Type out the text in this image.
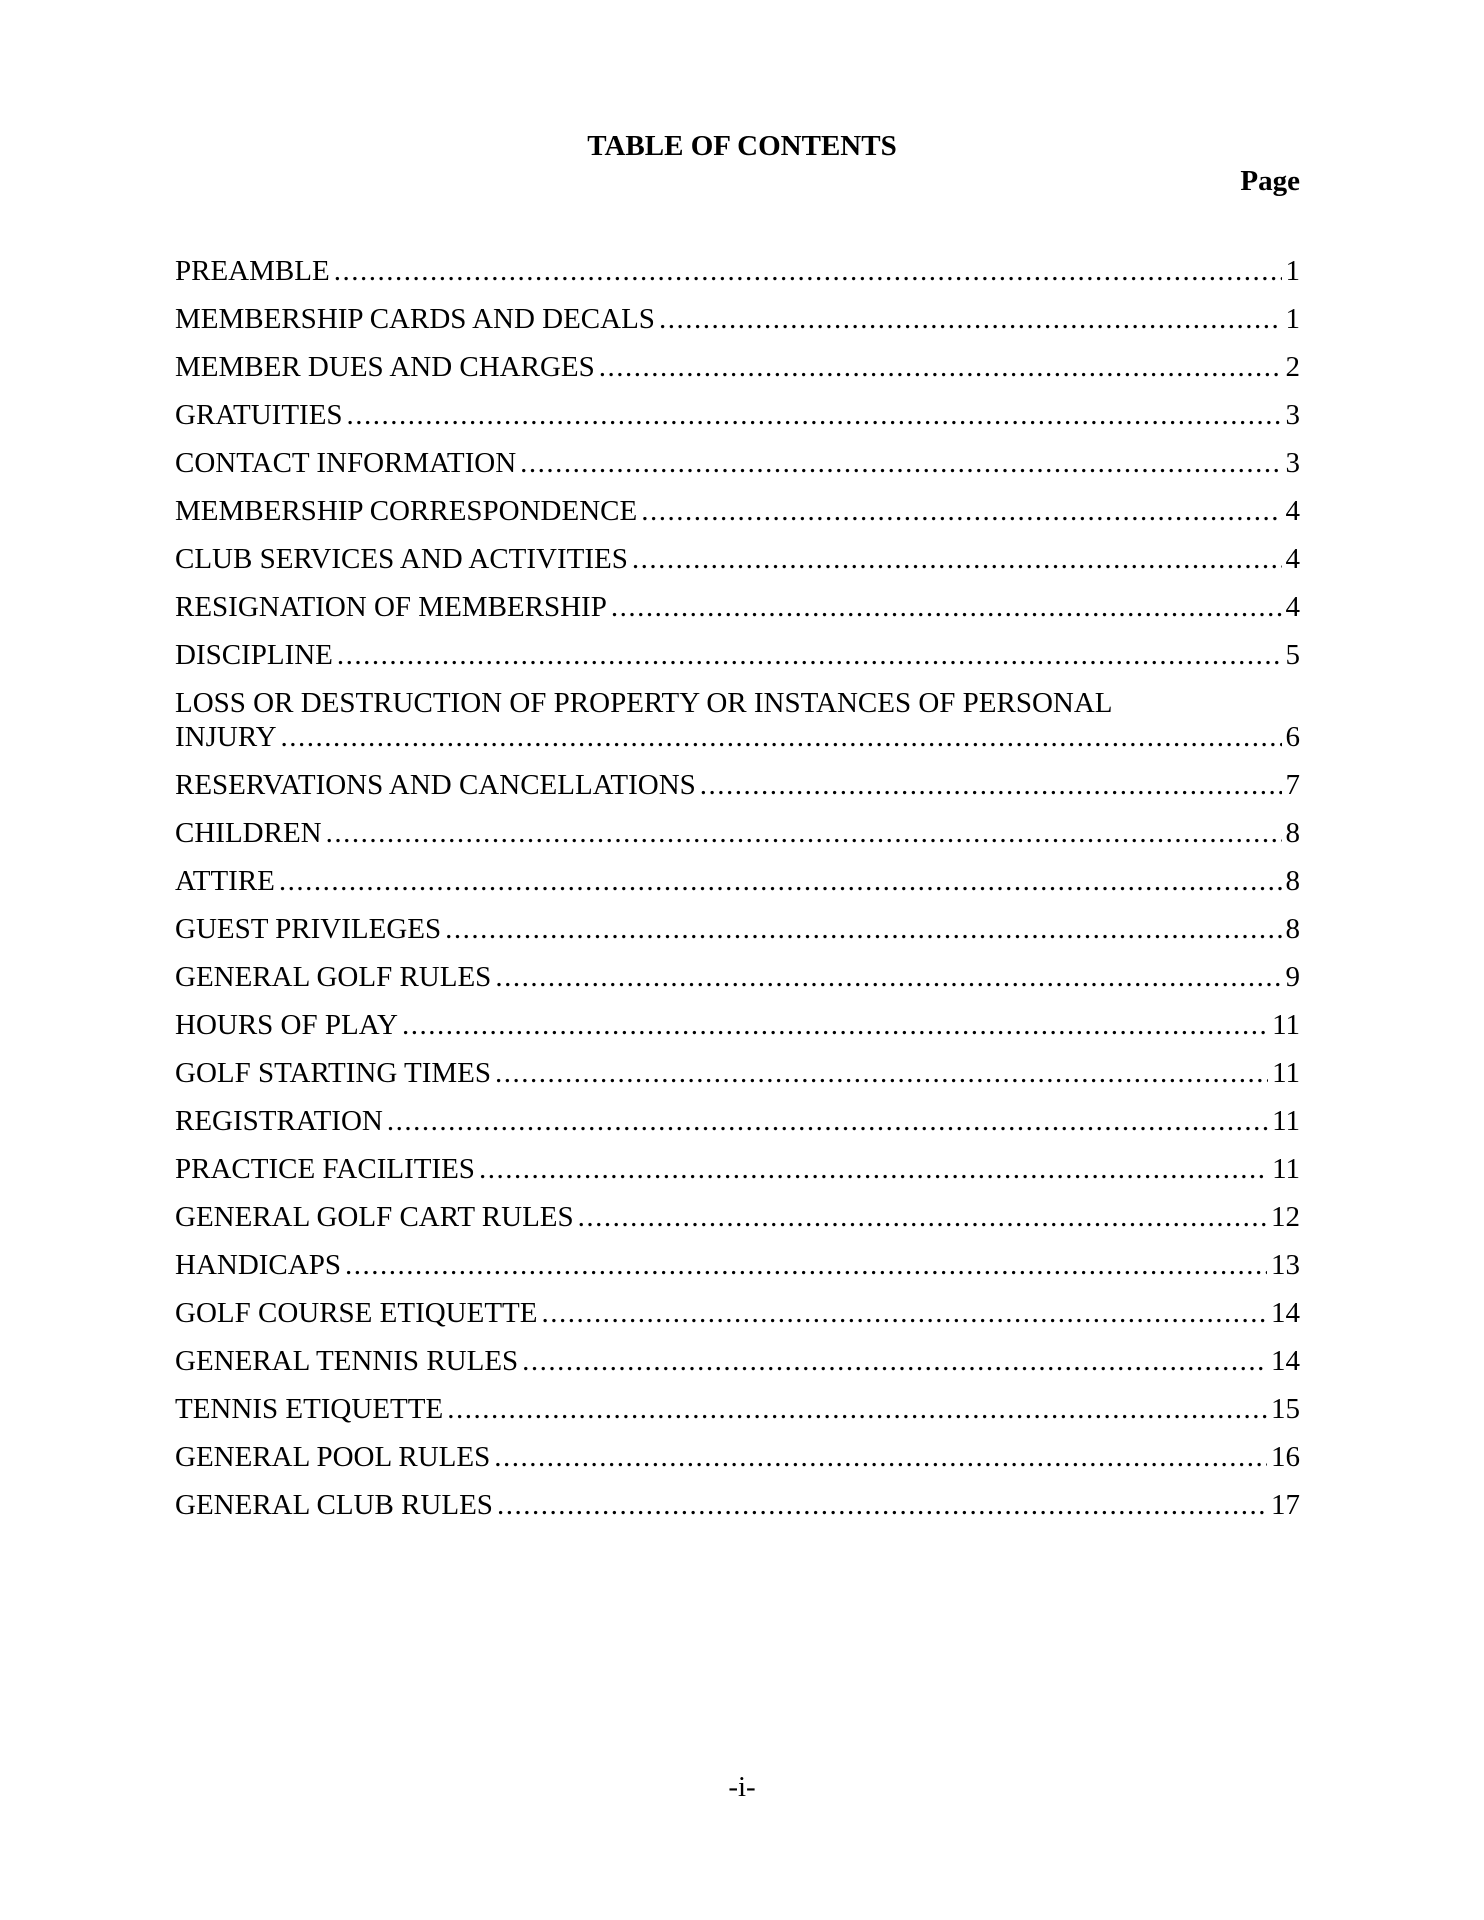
TABLE OF CONTENTS
Page
PREAMBLE .....	1
MEMBERSHIP CARDS AND DECALS .....	1
MEMBER DUES AND CHARGES .....	2
GRATUITIES .....	3
CONTACT INFORMATION .....	3
MEMBERSHIP CORRESPONDENCE .....	4
CLUB SERVICES AND ACTIVITIES .....	4
RESIGNATION OF MEMBERSHIP .....	4
DISCIPLINE .....	5
LOSS OR DESTRUCTION OF PROPERTY OR INSTANCES OF PERSONAL
INJURY .....	6
RESERVATIONS AND CANCELLATIONS .....	7
CHILDREN .....	8
ATTIRE .....	8
GUEST PRIVILEGES .....	8
GENERAL GOLF RULES .....	9
HOURS OF PLAY .....	11
GOLF STARTING TIMES .....	11
REGISTRATION .....	11
PRACTICE FACILITIES .....	11
GENERAL GOLF CART RULES .....	12
HANDICAPS .....	13
GOLF COURSE ETIQUETTE .....	14
GENERAL TENNIS RULES .....	14
TENNIS ETIQUETTE .....	15
GENERAL POOL RULES .....	16
GENERAL CLUB RULES .....	17
-i-
